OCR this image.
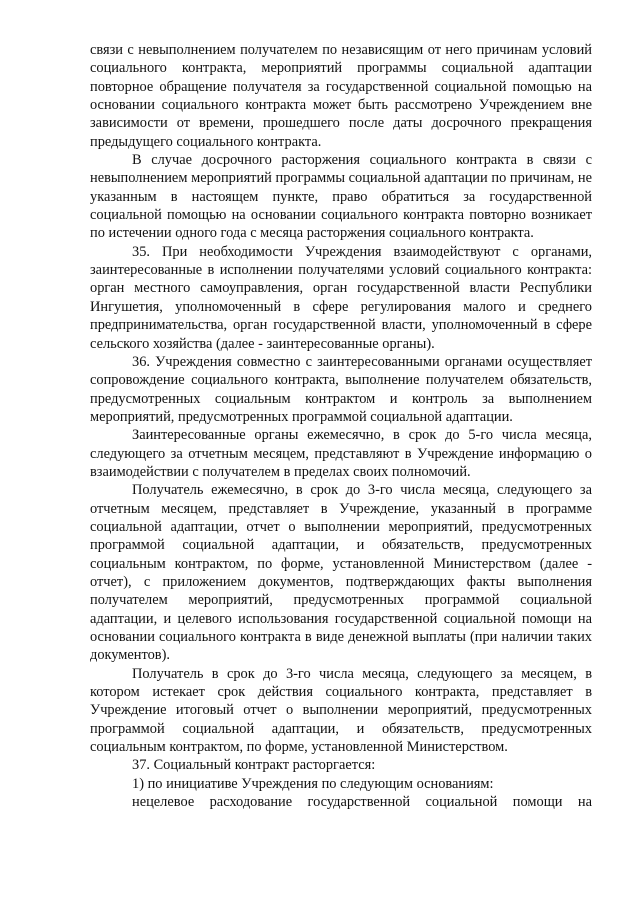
связи с невыполнением получателем по независящим от него причинам условий социального контракта, мероприятий программы социальной адаптации повторное обращение получателя за государственной социальной помощью на основании социального контракта может быть рассмотрено Учреждением вне зависимости от времени, прошедшего после даты досрочного прекращения предыдущего социального контракта.

В случае досрочного расторжения социального контракта в связи с невыполнением мероприятий программы социальной адаптации по причинам, не указанным в настоящем пункте, право обратиться за государственной социальной помощью на основании социального контракта повторно возникает по истечении одного года с месяца расторжения социального контракта.

35. При необходимости Учреждения взаимодействуют с органами, заинтересованные в исполнении получателями условий социального контракта: орган местного самоуправления, орган государственной власти Республики Ингушетия, уполномоченный в сфере регулирования малого и среднего предпринимательства, орган государственной власти, уполномоченный в сфере сельского хозяйства (далее - заинтересованные органы).

36. Учреждения совместно с заинтересованными органами осуществляет сопровождение социального контракта, выполнение получателем обязательств, предусмотренных социальным контрактом и контроль за выполнением мероприятий, предусмотренных программой социальной адаптации.

Заинтересованные органы ежемесячно, в срок до 5-го числа месяца, следующего за отчетным месяцем, представляют в Учреждение информацию о взаимодействии с получателем в пределах своих полномочий.

Получатель ежемесячно, в срок до 3-го числа месяца, следующего за отчетным месяцем, представляет в Учреждение, указанный в программе социальной адаптации, отчет о выполнении мероприятий, предусмотренных программой социальной адаптации, и обязательств, предусмотренных социальным контрактом, по форме, установленной Министерством (далее - отчет), с приложением документов, подтверждающих факты выполнения получателем мероприятий, предусмотренных программой социальной адаптации, и целевого использования государственной социальной помощи на основании социального контракта в виде денежной выплаты (при наличии таких документов).

Получатель в срок до 3-го числа месяца, следующего за месяцем, в котором истекает срок действия социального контракта, представляет в Учреждение итоговый отчет о выполнении мероприятий, предусмотренных программой социальной адаптации, и обязательств, предусмотренных социальным контрактом, по форме, установленной Министерством.

37. Социальный контракт расторгается:

1) по инициативе Учреждения по следующим основаниям:

нецелевое расходование государственной социальной помощи на
